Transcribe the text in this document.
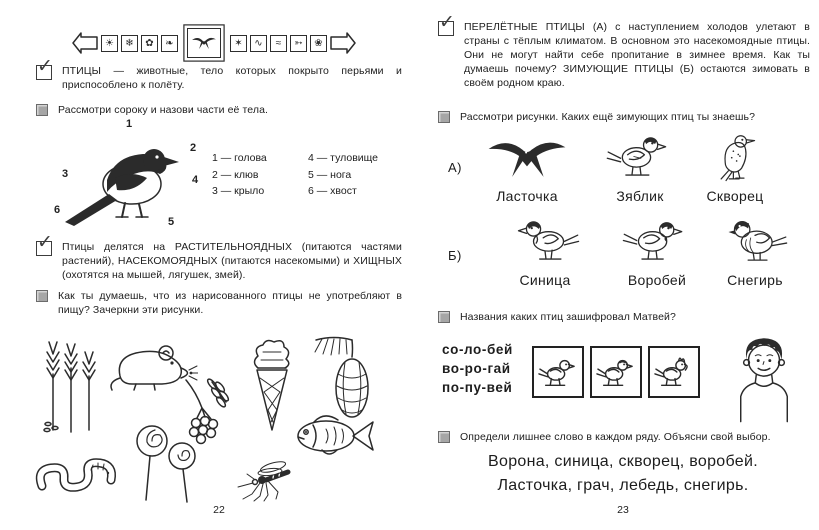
☀ ❄ ✿ ❧	✶ ∿ ≈ ➳ ❀
✓ ПТИЦЫ — животные, тело которых покрыто перьями и приспособлено к полёту.

Рассмотри сороку и назови части её тела.

1
2
3	4
5
6
1 — голова
2 — клюв
3 — крыло
4 — туловище
5 — нога
6 — хвост
✓ Птицы делятся на РАСТИТЕЛЬНОЯДНЫХ (питаются частями растений), НАСЕКОМОЯДНЫХ (питаются насекомыми) и ХИЩНЫХ (охотятся на мышей, лягушек, змей).

Как ты думаешь, что из нарисованного птицы не употребляют в пищу? Зачеркни эти рисунки.

22
✓ ПЕРЕЛЁТНЫЕ ПТИЦЫ (А) с наступлением холодов улетают в страны с тёплым климатом. В основном это насекомоядные птицы. Они не могут найти себе пропитание в зимнее время. Как ты думаешь почему? ЗИМУЮЩИЕ ПТИЦЫ (Б) остаются зимовать в своём родном краю.

Рассмотри рисунки. Каких ещё зимующих птиц ты знаешь?

А)
Ласточка	Зяблик	Скворец
Б)
Синица	Воробей	Снегирь

Названия каких птиц зашифровал Матвей?

со-ло-бей
во-ро-гай
по-пу-вей

Определи лишнее слово в каждом ряду. Объясни свой выбор.

Ворона, синица, скворец, воробей.
Ласточка, грач, лебедь, снегирь.
23
